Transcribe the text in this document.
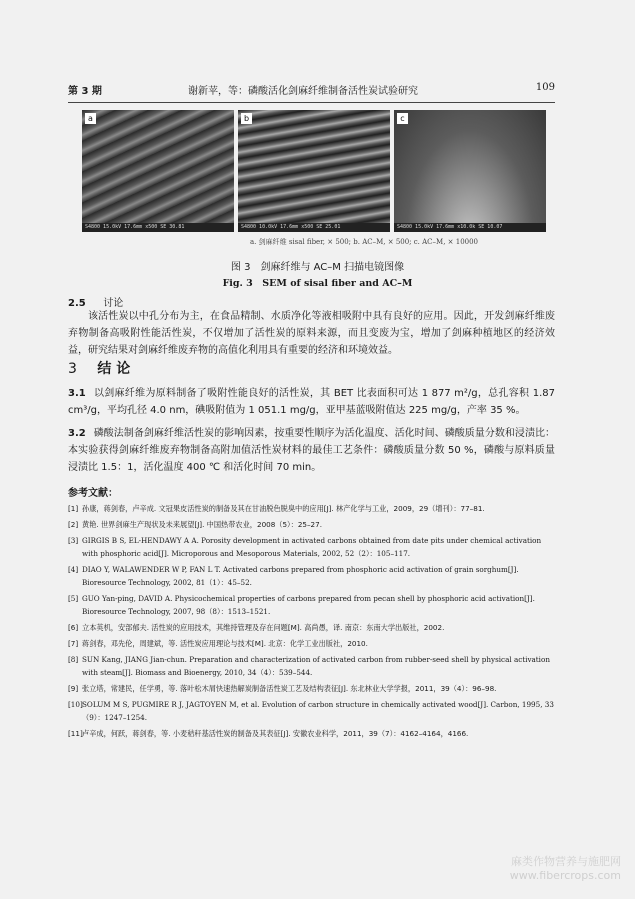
第 3 期	谢新苹，等：磷酸活化剑麻纤维制备活性炭试验研究	109
a
S4800 15.0kV 17.6mm x500 SE 30.81
b
S4800 10.0kV 17.6mm x500 SE 25.01
c
S4800 15.0kV 17.6mm x10.0k SE 10.07
a. 剑麻纤维 sisal fiber, × 500; b. AC–M, × 500; c. AC–M, × 10000
图 3　剑麻纤维与 AC–M 扫描电镜图像
Fig. 3　SEM of sisal fiber and AC–M
2.5 讨论
该活性炭以中孔分布为主，在食品精制、水质净化等液相吸附中具有良好的应用。因此，开发剑麻纤维废弃物制备高吸附性能活性炭，不仅增加了活性炭的原料来源，而且变废为宝，增加了剑麻种植地区的经济效益，研究结果对剑麻纤维废弃物的高值化利用具有重要的经济和环境效益。
3 结 论
3.1 以剑麻纤维为原料制备了吸附性能良好的活性炭，其 BET 比表面积可达 1 877 m²/g，总孔容积 1.87 cm³/g，平均孔径 4.0 nm，碘吸附值为 1 051.1 mg/g，亚甲基蓝吸附值达 225 mg/g，产率 35 %。
3.2 磷酸法制备剑麻纤维活性炭的影响因素，按重要性顺序为活化温度、活化时间、磷酸质量分数和浸渍比：本实验获得剑麻纤维废弃物制备高附加值活性炭材料的最佳工艺条件：磷酸质量分数 50 %，磷酸与原料质量浸渍比 1.5：1，活化温度 400 ℃ 和活化时间 70 min。
参考文献：
[1] 孙康，蒋剑春，卢辛成. 文冠果皮活性炭的制备及其在甘油脱色脱臭中的应用[J]. 林产化学与工业，2009，29（增刊）：77–81.
[2] 黄艳. 世界剑麻生产现状及未来展望[J]. 中国热带农业，2008（5）：25–27.
[3] GIRGIS B S, EL-HENDAWY A A. Porosity development in activated carbons obtained from date pits under chemical activation with phosphoric acid[J]. Microporous and Mesoporous Materials, 2002, 52（2）：105–117.
[4] DIAO Y, WALAWENDER W P, FAN L T. Activated carbons prepared from phosphoric acid activation of grain sorghum[J]. Bioresource Technology, 2002, 81（1）：45–52.
[5] GUO Yan-ping, DAVID A. Physicochemical properties of carbons prepared from pecan shell by phosphoric acid activation[J]. Bioresource Technology, 2007, 98（8）：1513–1521.
[6] 立本英机，安部郁夫. 活性炭的应用技术，其维持管理及存在问题[M]. 高尚愚，译. 南京：东南大学出版社，2002.
[7] 蒋剑春，邓先伦，周建斌，等. 活性炭应用理论与技术[M]. 北京：化学工业出版社，2010.
[8] SUN Kang, JIANG Jian-chun. Preparation and characterization of activated carbon from rubber-seed shell by physical activation with steam[J]. Biomass and Bioenergy, 2010, 34（4）：539–544.
[9] 张立塔，常建民，任学勇，等. 落叶松木屑快速热解炭制备活性炭工艺及结构表征[J]. 东北林业大学学报，2011，39（4）：96–98.
[10] SOLUM M S, PUGMIRE R J, JAGTOYEN M, et al. Evolution of carbon structure in chemically activated wood[J]. Carbon, 1995, 33（9）：1247–1254.
[11] 卢辛成，何跃，蒋剑春，等. 小麦秸秆基活性炭的制备及其表征[J]. 安徽农业科学，2011，39（7）：4162–4164，4166.
麻类作物营养与施肥网
www.fibercrops.com
